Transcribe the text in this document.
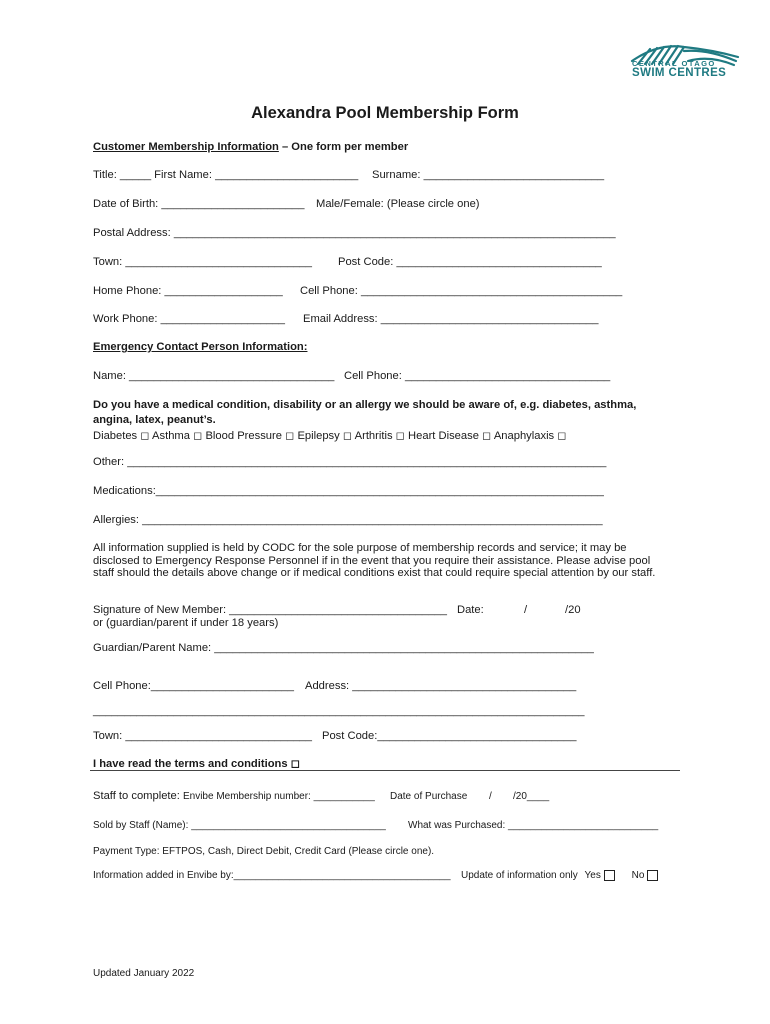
CENTRAL OTAGO
SWIM CENTRES
Alexandra Pool Membership Form
Customer Membership Information – One form per member
Title: _____ First Name: _______________________ Surname: _____________________________
Date of Birth: _______________________ Male/Female: (Please circle one)
Postal Address: _______________________________________________________________________
Town: ______________________________ Post Code: _________________________________
Home Phone: ___________________ Cell Phone: __________________________________________
Work Phone: ____________________ Email Address: ___________________________________
Emergency Contact Person Information:
Name: _________________________________ Cell Phone: _________________________________
Do you have a medical condition, disability or an allergy we should be aware of, e.g. diabetes, asthma,
angina, latex, peanut’s.
Diabetes ◻ Asthma ◻ Blood Pressure ◻ Epilepsy ◻ Arthritis ◻ Heart Disease ◻ Anaphylaxis ◻
Other: _____________________________________________________________________________
Medications:________________________________________________________________________
Allergies: __________________________________________________________________________
All information supplied is held by CODC for the sole purpose of membership records and service; it may be disclosed to Emergency Response Personnel if in the event that you require their assistance. Please advise pool staff should the details above change or if medical conditions exist that could require special attention by our staff.
Signature of New Member: ___________________________________ Date:	/	/20
or (guardian/parent if under 18 years)
Guardian/Parent Name: _____________________________________________________________
Cell Phone:_______________________ Address: ____________________________________
_______________________________________________________________________________
Town: ______________________________ Post Code:________________________________
I have read the terms and conditions ◻
Staff to complete: Envibe Membership number: ___________ Date of Purchase / /20____
Sold by Staff (Name): ___________________________________ What was Purchased: ___________________________
Payment Type: EFTPOS, Cash, Direct Debit, Credit Card (Please circle one).
Information added in Envibe by:_______________________________________ Update of information only Yes	No
Updated January 2022
